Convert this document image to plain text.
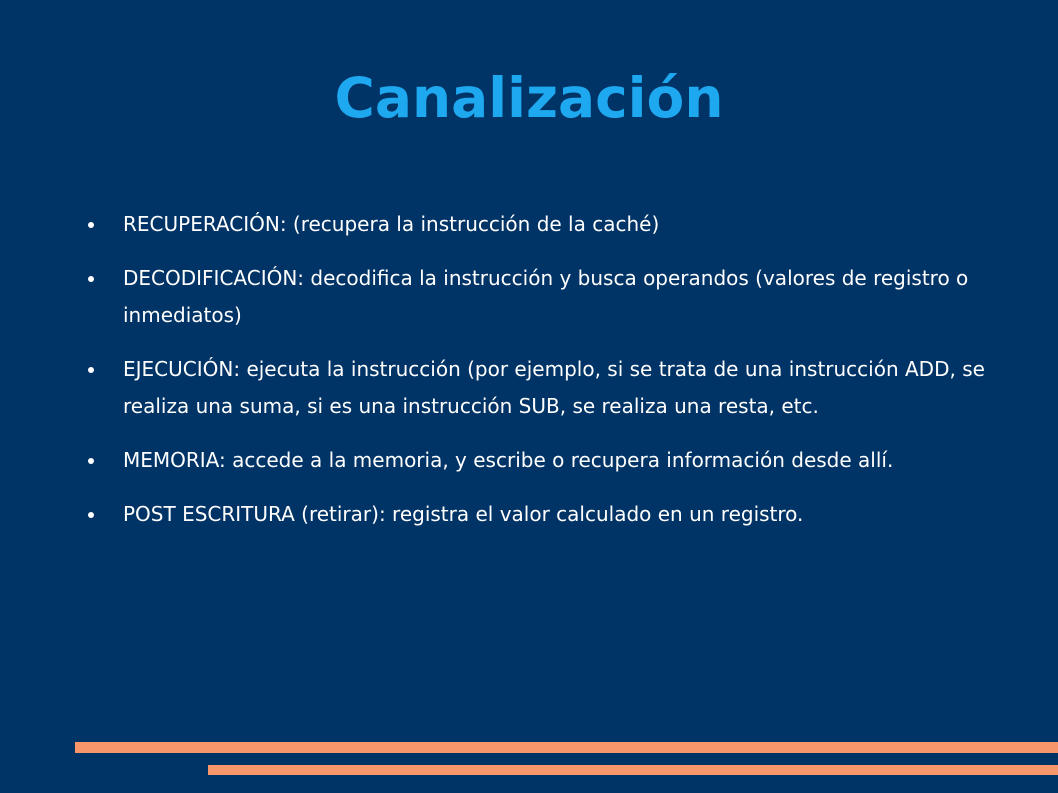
Canalización
RECUPERACIÓN: (recupera la instrucción de la caché)
DECODIFICACIÓN: decodifica la instrucción y busca operandos (valores de registro o inmediatos)
EJECUCIÓN: ejecuta la instrucción (por ejemplo, si se trata de una instrucción ADD, se realiza una suma, si es una instrucción SUB, se realiza una resta, etc.
MEMORIA: accede a la memoria, y escribe o recupera información desde allí.
POST ESCRITURA (retirar): registra el valor calculado en un registro.
